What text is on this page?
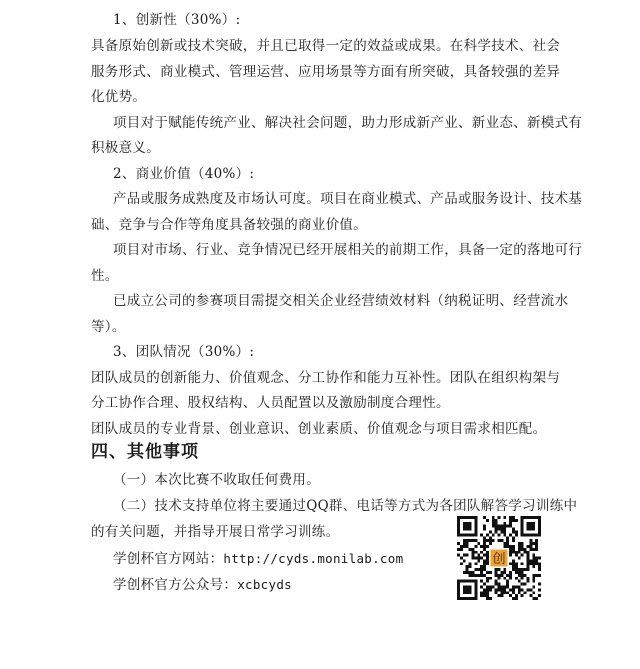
1、创新性（30%）:
具备原始创新或技术突破，并且已取得一定的效益或成果。在科学技术、社会
服务形式、商业模式、管理运营、应用场景等方面有所突破，具备较强的差异
化优势。
项目对于赋能传统产业、解决社会问题，助力形成新产业、新业态、新模式有
积极意义。
2、商业价值（40%）:
产品或服务成熟度及市场认可度。项目在商业模式、产品或服务设计、技术基
础、竞争与合作等角度具备较强的商业价值。
项目对市场、行业、竞争情况已经开展相关的前期工作，具备一定的落地可行
性。
已成立公司的参赛项目需提交相关企业经营绩效材料（纳税证明、经营流水
等）。
3、团队情况（30%）:
团队成员的创新能力、价值观念、分工协作和能力互补性。团队在组织构架与
分工协作合理、股权结构、人员配置以及激励制度合理性。
团队成员的专业背景、创业意识、创业素质、价值观念与项目需求相匹配。
四、其他事项
（一）本次比赛不收取任何费用。
（二）技术支持单位将主要通过QQ群、电话等方式为各团队解答学习训练中
的有关问题，并指导开展日常学习训练。
学创杯官方网站：http://cyds.monilab.com
学创杯官方公众号：xcbcyds
创
